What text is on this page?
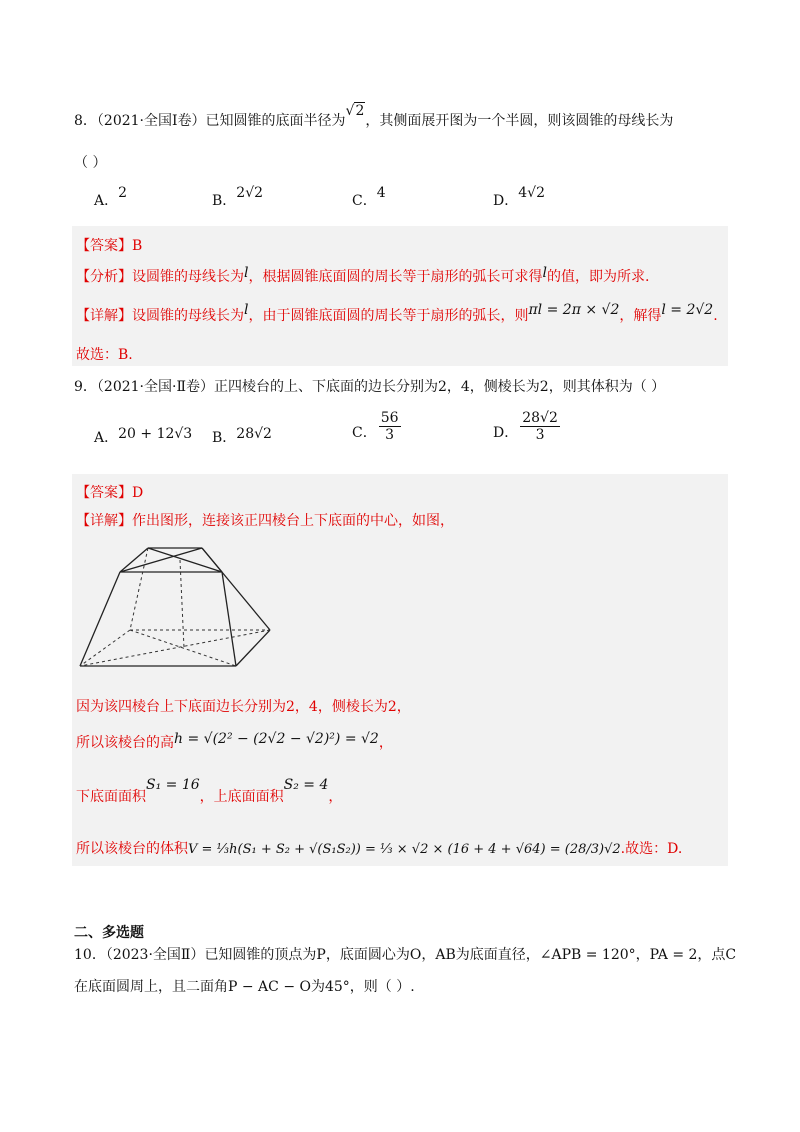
8．（2021·全国Ⅰ卷）已知圆锥的底面半径为√2，其侧面展开图为一个半圆，则该圆锥的母线长为
（ ）
A．2	B．2√2	C．4	D．4√2
【答案】B
【分析】设圆锥的母线长为l，根据圆锥底面圆的周长等于扇形的弧长可求得l的值，即为所求.
【详解】设圆锥的母线长为l，由于圆锥底面圆的周长等于扇形的弧长，则πl = 2π × √2，解得l = 2√2.
故选：B.
9．（2021·全国·Ⅱ卷）正四棱台的上、下底面的边长分别为2，4，侧棱长为2，则其体积为（ ）
A．20 + 12√3 B．28√2	C． $\frac{56}{3}$	D． $\frac{28√2}{3}$
【答案】D
【详解】作出图形，连接该正四棱台上下底面的中心，如图，
因为该四棱台上下底面边长分别为2，4，侧棱长为2，
所以该棱台的高h = √(2² − (2√2 − √2)²) = √2，
下底面面积S₁ = 16，上底面面积S₂ = 4，
所以该棱台的体积V = ⅓h(S₁ + S₂ + √(S₁S₂)) = ⅓ × √2 × (16 + 4 + √64) = (28/3)√2.故选：D.
二、多选题
10．（2023·全国Ⅱ）已知圆锥的顶点为P，底面圆心为O，AB为底面直径，∠APB = 120°，PA = 2，点C
在底面圆周上，且二面角P − AC − O为45°，则（ ）.
